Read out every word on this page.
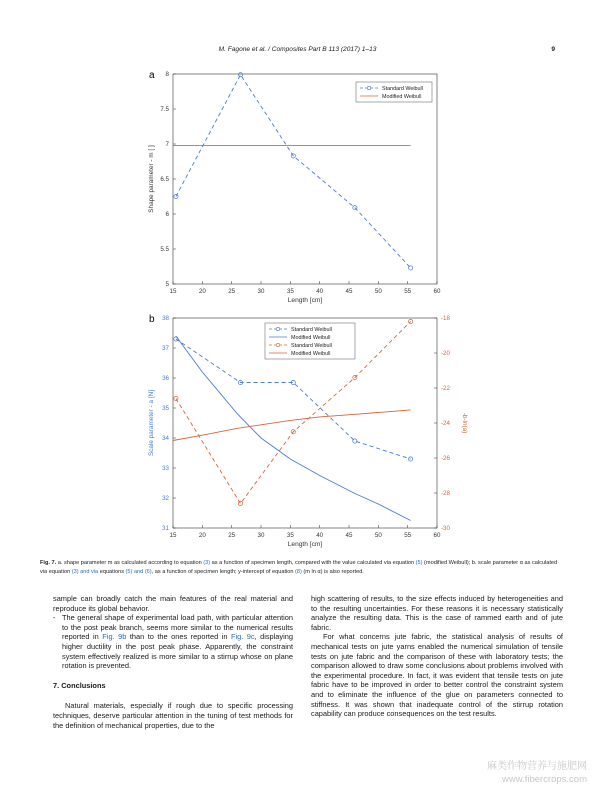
M. Fagone et al. / Composites Part B 113 (2017) 1–13	9
a
15	20	25	30	35	40	45	50	55	60
5
5.5
6
6.5
7
7.5
8
Length [cm]
Shape parameter - m [ ]
Standard Weibull
Modified Weibull
b
15	20	25	30	35	40	45	50	55	60
31
32
33
34
35
36
37
38
-30
-28
-26
-24
-22
-20
-18
-b-ln(a)
Length [cm]
Scale parameter - a [N]
Standard Weibull
Modified Weibull
Standard Weibull
Modified Weibull
Fig. 7. a. shape parameter m as calculated according to equation (3) as a function of specimen length, compared with the value calculated via equation (5) (modified Weibull); b. scale parameter α as calculated via equation (3) and via equations (5) and (6), as a function of specimen length; y-intercept of equation (8) (m ln α) is also reported.

sample can broadly catch the main features of the real material and reproduce its global behavior.

- The general shape of experimental load path, with particular attention to the post peak branch, seems more similar to the numerical results reported in Fig. 9b than to the ones reported in Fig. 9c, displaying higher ductility in the post peak phase. Apparently, the constraint system effectively realized is more similar to a stirrup whose on plane rotation is prevented.

7. Conclusions

Natural materials, especially if rough due to specific processing techniques, deserve particular attention in the tuning of test methods for the definition of mechanical properties, due to the

high scattering of results, to the size effects induced by heterogeneities and to the resulting uncertainties. For these reasons it is necessary statistically analyze the resulting data. This is the case of rammed earth and of jute fabric.

For what concerns jute fabric, the statistical analysis of results of mechanical tests on jute yarns enabled the numerical simulation of tensile tests on jute fabric and the comparison of these with laboratory tests; the comparison allowed to draw some conclusions about problems involved with the experimental procedure. In fact, it was evident that tensile tests on jute fabric have to be improved in order to better control the constraint system and to eliminate the influence of the glue on parameters connected to stiffness. It was shown that inadequate control of the stirrup rotation capability can produce consequences on the test results.

麻类作物营养与施肥网
www.fibercrops.com
